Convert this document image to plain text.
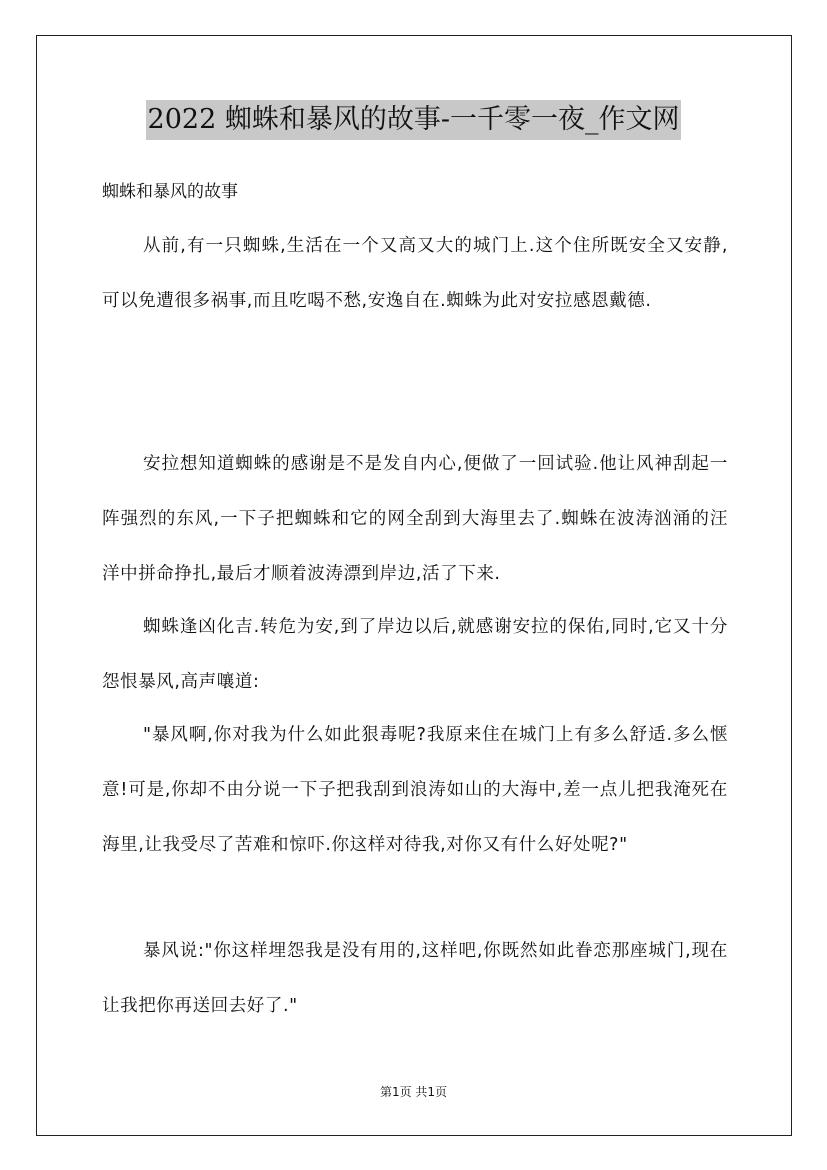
2022 蜘蛛和暴风的故事-一千零一夜_作文网
蜘蛛和暴风的故事

从前,有一只蜘蛛,生活在一个又高又大的城门上.这个住所既安全又安静,可以免遭很多祸事,而且吃喝不愁,安逸自在.蜘蛛为此对安拉感恩戴德.

安拉想知道蜘蛛的感谢是不是发自内心,便做了一回试验.他让风神刮起一阵强烈的东风,一下子把蜘蛛和它的网全刮到大海里去了.蜘蛛在波涛汹涌的汪洋中拼命挣扎,最后才顺着波涛漂到岸边,活了下来.

蜘蛛逢凶化吉.转危为安,到了岸边以后,就感谢安拉的保佑,同时,它又十分怨恨暴风,高声嚷道:

"暴风啊,你对我为什么如此狠毒呢?我原来住在城门上有多么舒适.多么惬意!可是,你却不由分说一下子把我刮到浪涛如山的大海中,差一点儿把我淹死在海里,让我受尽了苦难和惊吓.你这样对待我,对你又有什么好处呢?"

暴风说:"你这样埋怨我是没有用的,这样吧,你既然如此眷恋那座城门,现在让我把你再送回去好了."

第1页 共1页
